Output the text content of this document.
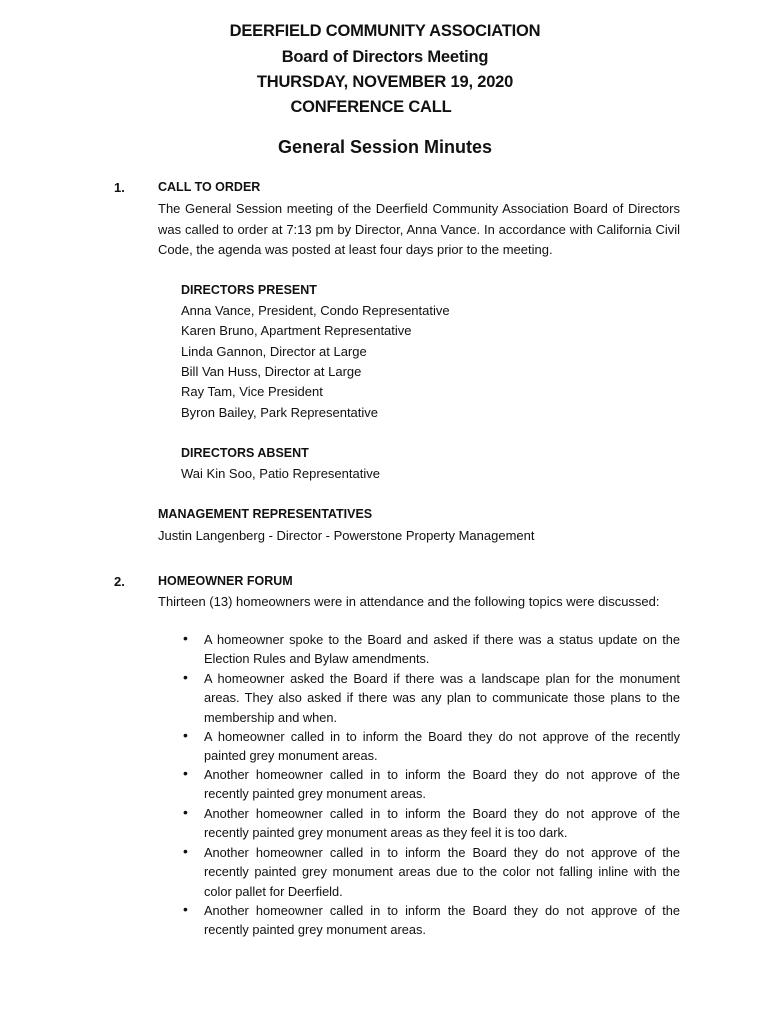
DEERFIELD COMMUNITY ASSOCIATION
Board of Directors Meeting
THURSDAY, NOVEMBER 19, 2020
CONFERENCE CALL
General Session Minutes
1.	CALL TO ORDER
The General Session meeting of the Deerfield Community Association Board of Directors was called to order at 7:13 pm by Director, Anna Vance. In accordance with California Civil Code, the agenda was posted at least four days prior to the meeting.
DIRECTORS PRESENT
Anna Vance, President, Condo Representative
Karen Bruno, Apartment Representative
Linda Gannon, Director at Large
Bill Van Huss, Director at Large
Ray Tam, Vice President
Byron Bailey, Park Representative
DIRECTORS ABSENT
Wai Kin Soo, Patio Representative
MANAGEMENT REPRESENTATIVES
Justin Langenberg - Director - Powerstone Property Management
2.	HOMEOWNER FORUM
Thirteen (13) homeowners were in attendance and the following topics were discussed:
• A homeowner spoke to the Board and asked if there was a status update on the Election Rules and Bylaw amendments.
• A homeowner asked the Board if there was a landscape plan for the monument areas. They also asked if there was any plan to communicate those plans to the membership and when.
• A homeowner called in to inform the Board they do not approve of the recently painted grey monument areas.
• Another homeowner called in to inform the Board they do not approve of the recently painted grey monument areas.
• Another homeowner called in to inform the Board they do not approve of the recently painted grey monument areas as they feel it is too dark.
• Another homeowner called in to inform the Board they do not approve of the recently painted grey monument areas due to the color not falling inline with the color pallet for Deerfield.
• Another homeowner called in to inform the Board they do not approve of the recently painted grey monument areas.
